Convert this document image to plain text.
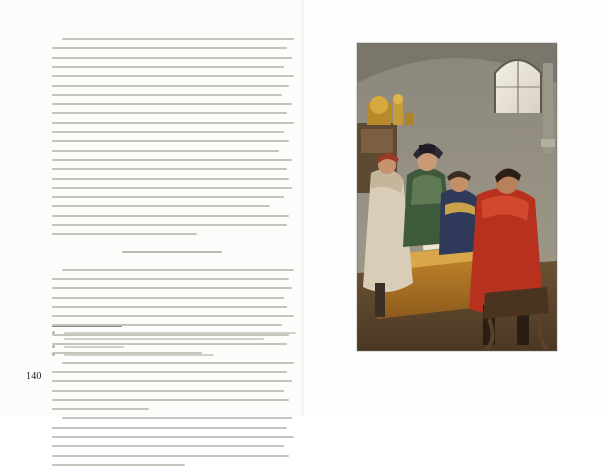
140
